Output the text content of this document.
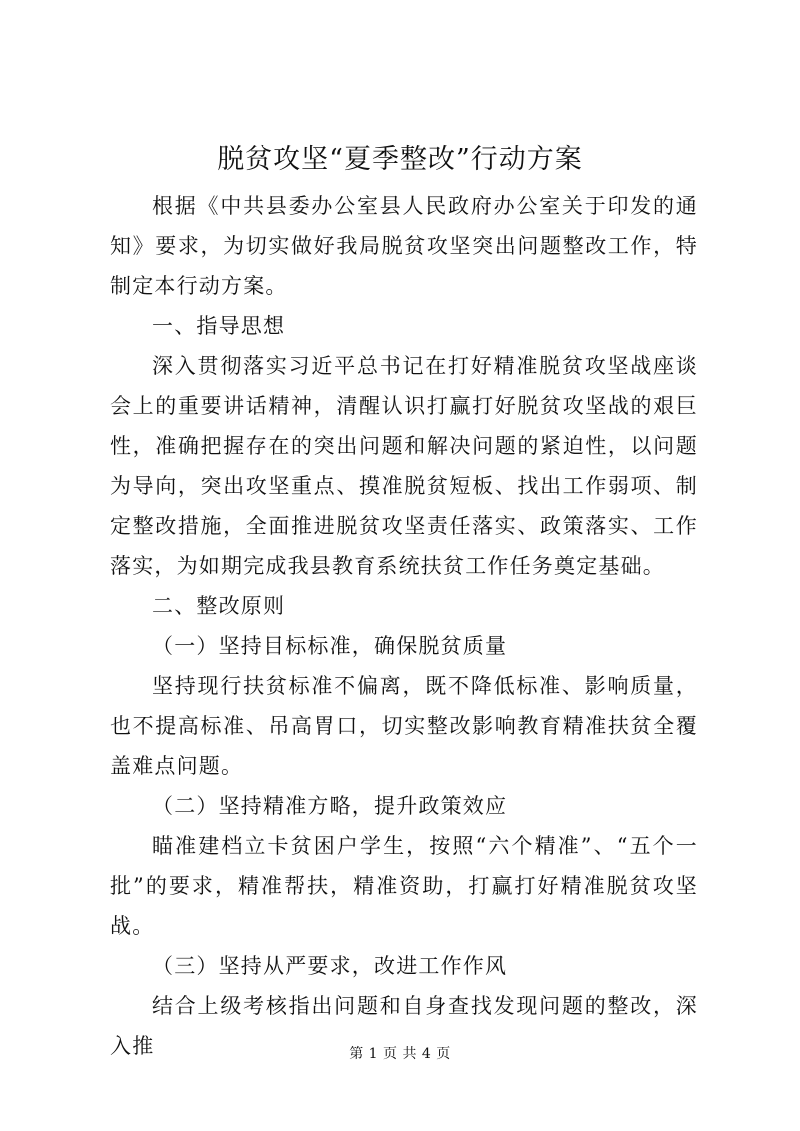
脱贫攻坚“夏季整改”行动方案

根据《中共县委办公室县人民政府办公室关于印发的通知》要求，为切实做好我局脱贫攻坚突出问题整改工作，特制定本行动方案。

一、指导思想

深入贯彻落实习近平总书记在打好精准脱贫攻坚战座谈会上的重要讲话精神，清醒认识打赢打好脱贫攻坚战的艰巨性，准确把握存在的突出问题和解决问题的紧迫性，以问题为导向，突出攻坚重点、摸准脱贫短板、找出工作弱项、制定整改措施，全面推进脱贫攻坚责任落实、政策落实、工作落实，为如期完成我县教育系统扶贫工作任务奠定基础。

二、整改原则

（一）坚持目标标准，确保脱贫质量

坚持现行扶贫标准不偏离，既不降低标准、影响质量，也不提高标准、吊高胃口，切实整改影响教育精准扶贫全覆盖难点问题。

（二）坚持精准方略，提升政策效应

瞄准建档立卡贫困户学生，按照“六个精准”、“五个一批”的要求，精准帮扶，精准资助，打赢打好精准脱贫攻坚战。

（三）坚持从严要求，改进工作作风

结合上级考核指出问题和自身查找发现问题的整改，深入推	第 1 页 共 4 页
